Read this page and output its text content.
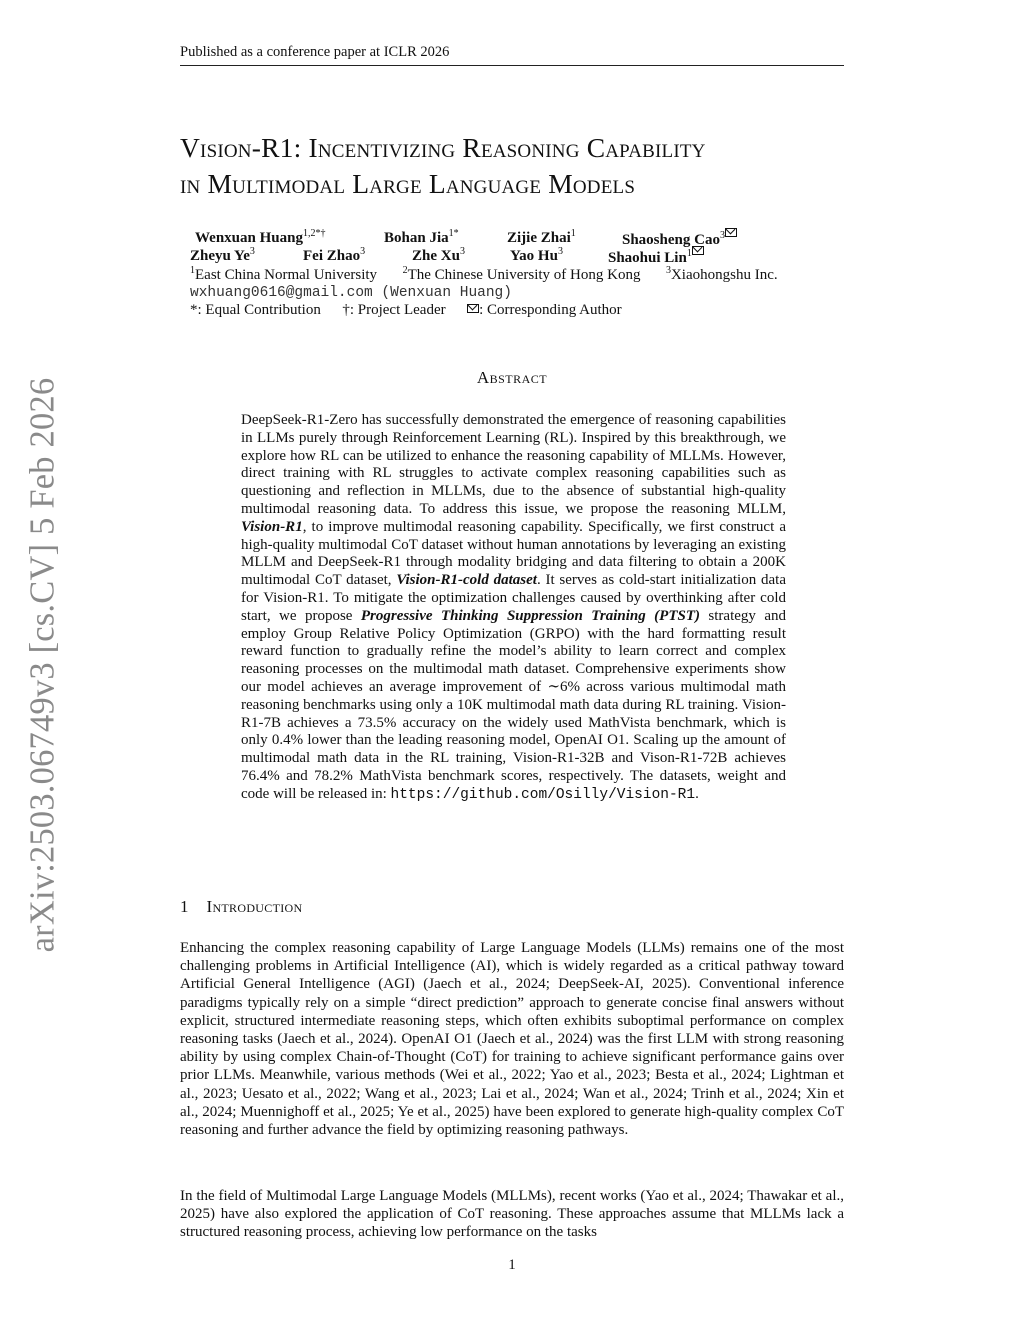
Published as a conference paper at ICLR 2026
arXiv:2503.06749v3 [cs.CV] 5 Feb 2026
Vision-R1: Incentivizing Reasoning Capability
in Multimodal Large Language Models
Wenxuan Huang$^{1,2*\dagger}$	Bohan Jia$^{1*}$	Zijie Zhai$^1$	Shaosheng Cao$^3$
Zheyu Ye$^3$	Fei Zhao$^3$	Zhe Xu$^3$	Yao Hu$^3$	Shaohui Lin$^1$
$^1$East China Normal University	$^2$The Chinese University of Hong Kong	$^3$Xiaohongshu Inc.
wxhuang0616@gmail.com (Wenxuan Huang)
*: Equal Contribution †: Project Leader : Corresponding Author
Abstract
DeepSeek-R1-Zero has successfully demonstrated the emergence of reasoning capabilities in LLMs purely through Reinforcement Learning (RL). Inspired by this breakthrough, we explore how RL can be utilized to enhance the reasoning capability of MLLMs. However, direct training with RL struggles to activate complex reasoning capabilities such as questioning and reflection in MLLMs, due to the absence of substantial high-quality multimodal reasoning data. To address this issue, we propose the reasoning MLLM, Vision-R1, to improve multimodal reasoning capability. Specifically, we first construct a high-quality multimodal CoT dataset without human annotations by leveraging an existing MLLM and DeepSeek-R1 through modality bridging and data filtering to obtain a 200K multimodal CoT dataset, Vision-R1-cold dataset. It serves as cold-start initialization data for Vision-R1. To mitigate the optimization challenges caused by overthinking after cold start, we propose Progressive Thinking Suppression Training (PTST) strategy and employ Group Relative Policy Optimization (GRPO) with the hard formatting result reward function to gradually refine the model’s ability to learn correct and complex reasoning processes on the multimodal math dataset. Comprehensive experiments show our model achieves an average improvement of ∼6% across various multimodal math reasoning benchmarks using only a 10K multimodal math data during RL training. Vision-R1-7B achieves a 73.5% accuracy on the widely used MathVista benchmark, which is only 0.4% lower than the leading reasoning model, OpenAI O1. Scaling up the amount of multimodal math data in the RL training, Vision-R1-32B and Vison-R1-72B achieves 76.4% and 78.2% MathVista benchmark scores, respectively. The datasets, weight and code will be released in: https://github.com/Osilly/Vision-R1.
1 Introduction
Enhancing the complex reasoning capability of Large Language Models (LLMs) remains one of the most challenging problems in Artificial Intelligence (AI), which is widely regarded as a critical pathway toward Artificial General Intelligence (AGI) (Jaech et al., 2024; DeepSeek-AI, 2025). Conventional inference paradigms typically rely on a simple “direct prediction” approach to generate concise final answers without explicit, structured intermediate reasoning steps, which often exhibits suboptimal performance on complex reasoning tasks (Jaech et al., 2024). OpenAI O1 (Jaech et al., 2024) was the first LLM with strong reasoning ability by using complex Chain-of-Thought (CoT) for training to achieve significant performance gains over prior LLMs. Meanwhile, various methods (Wei et al., 2022; Yao et al., 2023; Besta et al., 2024; Lightman et al., 2023; Uesato et al., 2022; Wang et al., 2023; Lai et al., 2024; Wan et al., 2024; Trinh et al., 2024; Xin et al., 2024; Muennighoff et al., 2025; Ye et al., 2025) have been explored to generate high-quality complex CoT reasoning and further advance the field by optimizing reasoning pathways.
In the field of Multimodal Large Language Models (MLLMs), recent works (Yao et al., 2024; Thawakar et al., 2025) have also explored the application of CoT reasoning. These approaches assume that MLLMs lack a structured reasoning process, achieving low performance on the tasks
1
